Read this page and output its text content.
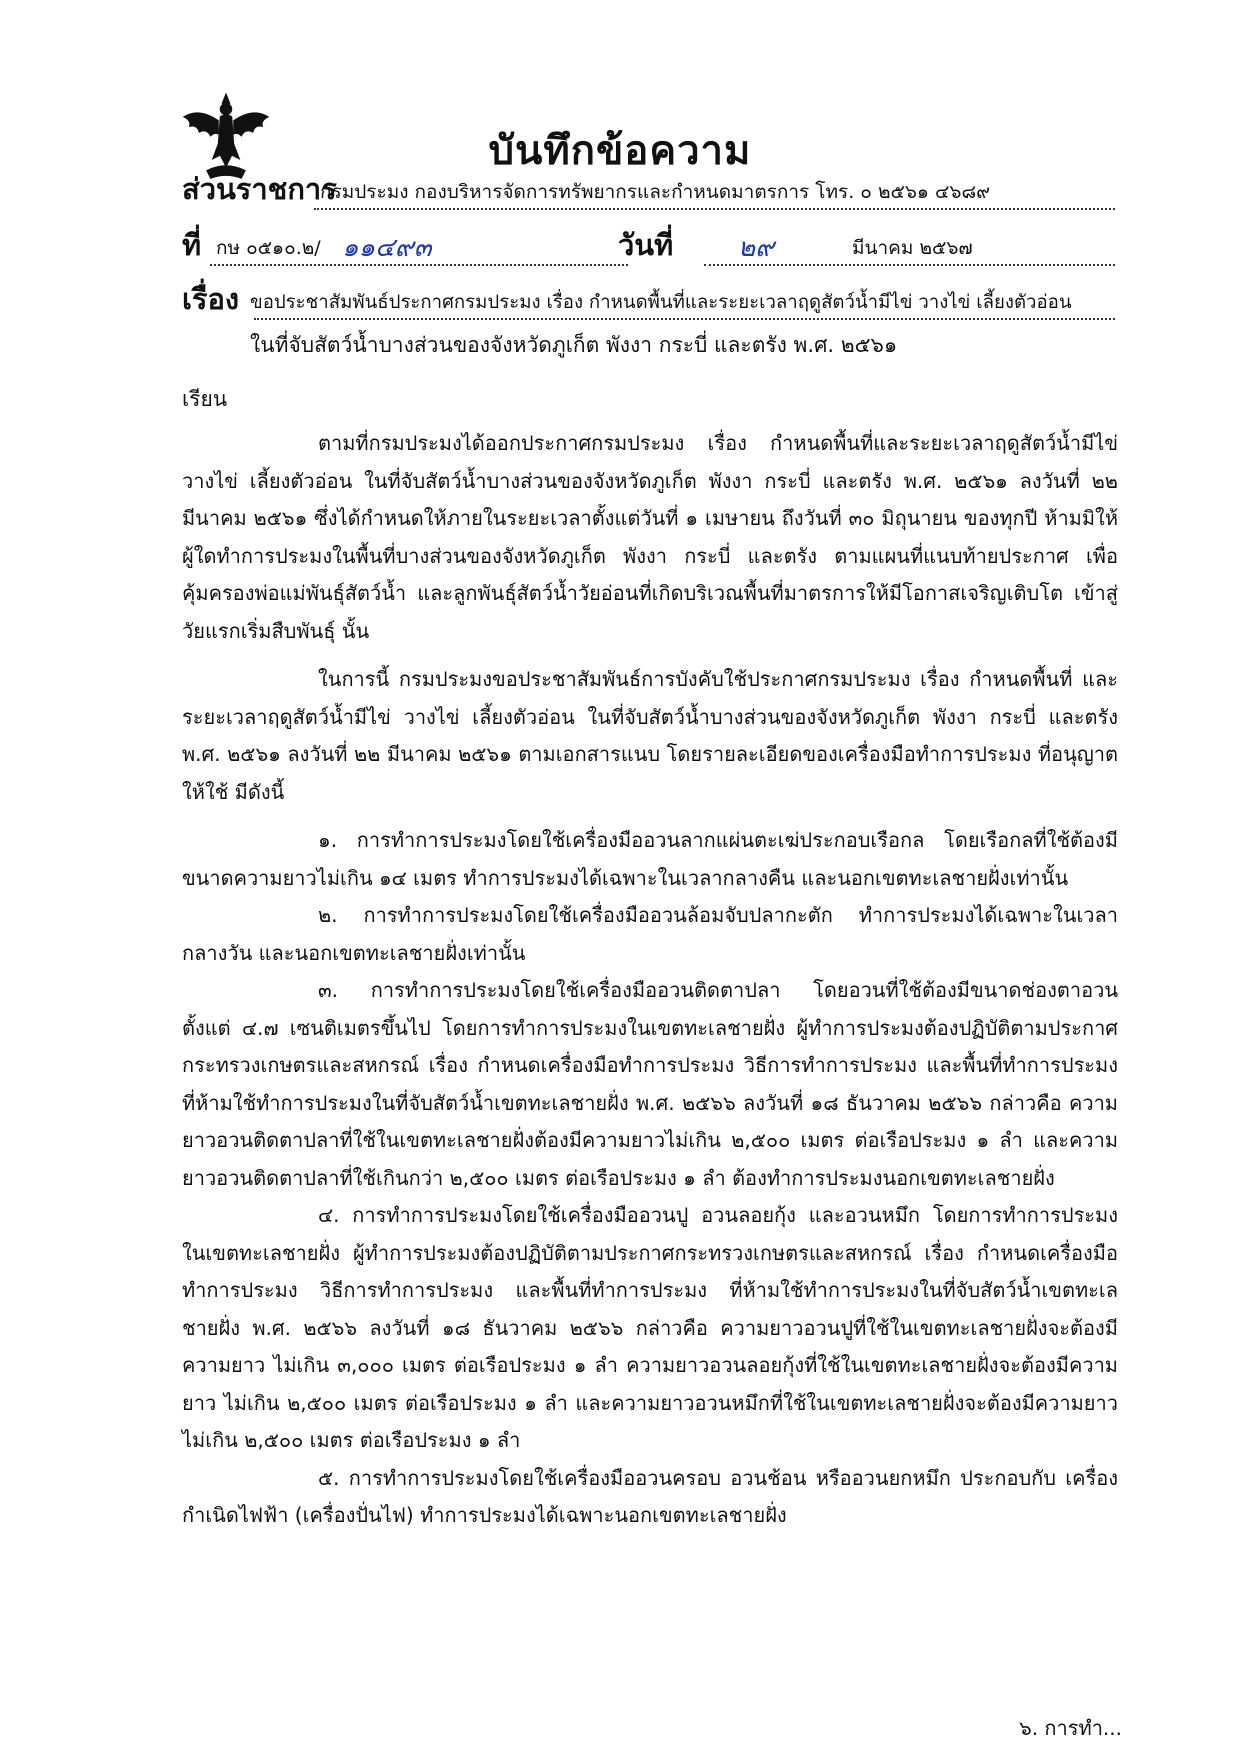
บันทึกข้อความ
ส่วนราชการ
กรมประมง กองบริหารจัดการทรัพยากรและกำหนดมาตรการ โทร. ๐ ๒๕๖๑ ๔๖๘๙
ที่ กษ ๐๕๑๐.๒/ ๑๑๔๙๓	วันที่ ๒๙	มีนาคม ๒๕๖๗
เรื่อง ขอประชาสัมพันธ์ประกาศกรมประมง เรื่อง กำหนดพื้นที่และระยะเวลาฤดูสัตว์น้ำมีไข่ วางไข่ เลี้ยงตัวอ่อน
ในที่จับสัตว์น้ำบางส่วนของจังหวัดภูเก็ต พังงา กระบี่ และตรัง พ.ศ. ๒๕๖๑
เรียน

ตามที่กรมประมงได้ออกประกาศกรมประมง เรื่อง กำหนดพื้นที่และระยะเวลาฤดูสัตว์น้ำมีไข่ วางไข่ เลี้ยงตัวอ่อน ในที่จับสัตว์น้ำบางส่วนของจังหวัดภูเก็ต พังงา กระบี่ และตรัง พ.ศ. ๒๕๖๑ ลงวันที่ ๒๒ มีนาคม ๒๕๖๑ ซึ่งได้กำหนดให้ภายในระยะเวลาตั้งแต่วันที่ ๑ เมษายน ถึงวันที่ ๓๐ มิถุนายน ของทุกปี ห้ามมิให้ผู้ใดทำการประมงในพื้นที่บางส่วนของจังหวัดภูเก็ต พังงา กระบี่ และตรัง ตามแผนที่แนบท้ายประกาศ เพื่อคุ้มครองพ่อแม่พันธุ์สัตว์น้ำ และลูกพันธุ์สัตว์น้ำวัยอ่อนที่เกิดบริเวณพื้นที่มาตรการให้มีโอกาสเจริญเติบโต เข้าสู่วัยแรกเริ่มสืบพันธุ์ นั้น

ในการนี้ กรมประมงขอประชาสัมพันธ์การบังคับใช้ประกาศกรมประมง เรื่อง กำหนดพื้นที่ และระยะเวลาฤดูสัตว์น้ำมีไข่ วางไข่ เลี้ยงตัวอ่อน ในที่จับสัตว์น้ำบางส่วนของจังหวัดภูเก็ต พังงา กระบี่ และตรัง พ.ศ. ๒๕๖๑ ลงวันที่ ๒๒ มีนาคม ๒๕๖๑ ตามเอกสารแนบ โดยรายละเอียดของเครื่องมือทำการประมง ที่อนุญาตให้ใช้ มีดังนี้

๑. การทำการประมงโดยใช้เครื่องมืออวนลากแผ่นตะเฆ่ประกอบเรือกล โดยเรือกลที่ใช้ต้องมีขนาดความยาวไม่เกิน ๑๔ เมตร ทำการประมงได้เฉพาะในเวลากลางคืน และนอกเขตทะเลชายฝั่งเท่านั้น

๒. การทำการประมงโดยใช้เครื่องมืออวนล้อมจับปลากะตัก ทำการประมงได้เฉพาะในเวลากลางวัน และนอกเขตทะเลชายฝั่งเท่านั้น

๓. การทำการประมงโดยใช้เครื่องมืออวนติดตาปลา โดยอวนที่ใช้ต้องมีขนาดช่องตาอวน ตั้งแต่ ๔.๗ เซนติเมตรขึ้นไป โดยการทำการประมงในเขตทะเลชายฝั่ง ผู้ทำการประมงต้องปฏิบัติตามประกาศ กระทรวงเกษตรและสหกรณ์ เรื่อง กำหนดเครื่องมือทำการประมง วิธีการทำการประมง และพื้นที่ทำการประมง ที่ห้ามใช้ทำการประมงในที่จับสัตว์น้ำเขตทะเลชายฝั่ง พ.ศ. ๒๕๖๖ ลงวันที่ ๑๘ ธันวาคม ๒๕๖๖ กล่าวคือ ความยาวอวนติดตาปลาที่ใช้ในเขตทะเลชายฝั่งต้องมีความยาวไม่เกิน ๒,๕๐๐ เมตร ต่อเรือประมง ๑ ลำ และความยาวอวนติดตาปลาที่ใช้เกินกว่า ๒,๕๐๐ เมตร ต่อเรือประมง ๑ ลำ ต้องทำการประมงนอกเขตทะเลชายฝั่ง

๔. การทำการประมงโดยใช้เครื่องมืออวนปู อวนลอยกุ้ง และอวนหมึก โดยการทำการประมง ในเขตทะเลชายฝั่ง ผู้ทำการประมงต้องปฏิบัติตามประกาศกระทรวงเกษตรและสหกรณ์ เรื่อง กำหนดเครื่องมือ ทำการประมง วิธีการทำการประมง และพื้นที่ทำการประมง ที่ห้ามใช้ทำการประมงในที่จับสัตว์น้ำเขตทะเลชายฝั่ง พ.ศ. ๒๕๖๖ ลงวันที่ ๑๘ ธันวาคม ๒๕๖๖ กล่าวคือ ความยาวอวนปูที่ใช้ในเขตทะเลชายฝั่งจะต้องมีความยาว ไม่เกิน ๓,๐๐๐ เมตร ต่อเรือประมง ๑ ลำ ความยาวอวนลอยกุ้งที่ใช้ในเขตทะเลชายฝั่งจะต้องมีความยาว ไม่เกิน ๒,๕๐๐ เมตร ต่อเรือประมง ๑ ลำ และความยาวอวนหมึกที่ใช้ในเขตทะเลชายฝั่งจะต้องมีความยาว ไม่เกิน ๒,๕๐๐ เมตร ต่อเรือประมง ๑ ลำ

๕. การทำการประมงโดยใช้เครื่องมืออวนครอบ อวนช้อน หรืออวนยกหมึก ประกอบกับ เครื่องกำเนิดไฟฟ้า (เครื่องปั่นไฟ) ทำการประมงได้เฉพาะนอกเขตทะเลชายฝั่ง

๖. การทำ...
